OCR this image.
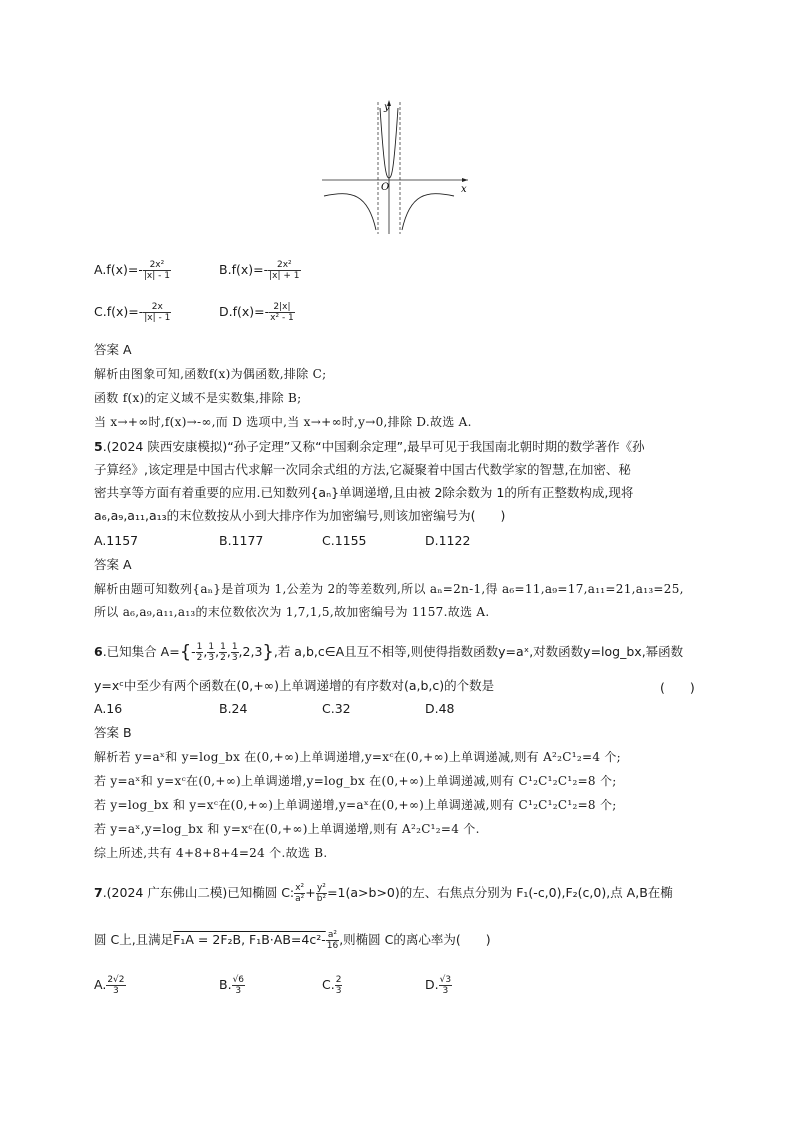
y
x
O
$A.f(x)=- \frac{\text{2x²}}{|x| - 1}$	$B.f(x)=- \frac{\text{2x²}}{|x| + 1}$
$C.f(x)=- \frac{2x}{|x| - 1}$	$D.f(x)=- \frac{2|x|}{\text{x² - 1}}$
答案 A
解析由图象可知,函数f(x)为偶函数,排除 C;
函数 f(x)的定义域不是实数集,排除 B;
当 x→+∞时,f(x)→-∞,而 D 选项中,当 x→+∞时,y→0,排除 D.故选 A.
5.(2024 陕西安康模拟)“孙子定理”又称“中国剩余定理”,最早可见于我国南北朝时期的数学著作《孙
子算经》,该定理是中国古代求解一次同余式组的方法,它凝聚着中国古代数学家的智慧,在加密、秘
密共享等方面有着重要的应用.已知数列{aₙ}单调递增,且由被 2除余数为 1的所有正整数构成,现将
a₆,a₉,a₁₁,a₁₃的末位数按从小到大排序作为加密编号,则该加密编号为(　　)
A.1157	B.1177	C.1155	D.1122
答案 A
解析由题可知数列{aₙ}是首项为 1,公差为 2的等差数列,所以 aₙ=2n-1,得 a₆=11,a₉=17,a₁₁=21,a₁₃=25,
所以 a₆,a₉,a₁₁,a₁₃的末位数依次为 1,7,1,5,故加密编号为 1157.故选 A.
6.已知集合 $A=\{- \frac{1}{2}$ , $\frac{1}{3}$ , $\frac{1}{2}$ , $\frac{1}{3} ,2,3$},若 a,b,c∈A且互不相等,则使得指数函数y=aˣ,对数函数y=log_bx,幂函数
y=xᶜ中至少有两个函数在(0,+∞)上单调递增的有序数对(a,b,c)的个数是	(　　)
A.16	B.24	C.32	D.48
答案 B
解析若 y=aˣ和 y=log_bx 在(0,+∞)上单调递增,y=xᶜ在(0,+∞)上单调递减,则有 A²₂C¹₂=4 个;
若 y=aˣ和 y=xᶜ在(0,+∞)上单调递增,y=log_bx 在(0,+∞)上单调递减,则有 C¹₂C¹₂C¹₂=8 个;
若 y=log_bx 和 y=xᶜ在(0,+∞)上单调递增,y=aˣ在(0,+∞)上单调递减,则有 C¹₂C¹₂C¹₂=8 个;
若 y=aˣ,y=log_bx 和 y=xᶜ在(0,+∞)上单调递增,则有 A²₂C¹₂=4 个.
综上所述,共有 4+8+8+4=24 个.故选 B.
7.(2024 广东佛山二模)已知椭圆 C: $\frac{\text{x²}}{\text{a²}} + \frac{\text{y²}}{\text{b²}} =1(a>b>0)$的左、右焦点分别为 F₁(-c,0),F₂(c,0),点 A,B在椭
圆 C上,且满足F₁A = 2F₂B, $F_1B\cdot AB=4c^2- \frac{\text{a²}}{16}$ ,则椭圆 C的离心率为(　　)
A. $\frac{2√2}{3}$	B. $\frac{√6}{3}$	C. $\frac{2}{3}$	D. $\frac{√3}{3}$
